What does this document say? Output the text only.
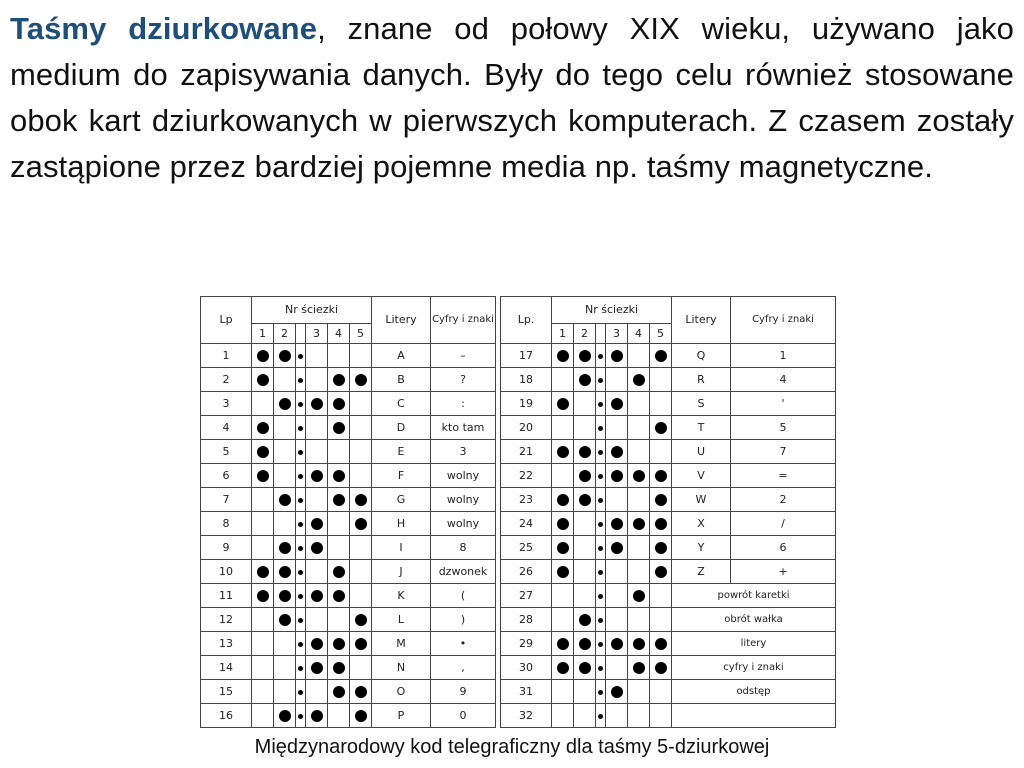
Taśmy dziurkowane, znane od połowy XIX wieku, używano jako medium do zapisywania danych. Były do tego celu również stosowane obok kart dziurkowanych w pierwszych komputerach. Z czasem zostały zastąpione przez bardziej pojemne media np. taśmy magnetyczne.

Lp	Nr ściezki						Litery	Cyfry i znaki
	1	2		3	4	5		
1							A	–
2							B	?
3							C	:
4							D	kto tam
5							E	3
6							F	wolny
7							G	wolny
8							H	wolny
9							I	8
10							J	dzwonek
11							K	(
12							L	)
13							M	•
14							N	,
15							O	9
16							P	0
Lp.	Nr ściezki						Litery	Cyfry i znaki
	1	2		3	4	5		
17							Q	1
18							R	4
19							S	'
20							T	5
21							U	7
22							V	=
23							W	2
24							X	/
25							Y	6
26							Z	+
27							powrót karetki	
28							obrót wałka	
29							litery	
30							cyfry i znaki	
31							odstęp	
32								

Międzynarodowy kod telegraficzny dla taśmy 5-dziurkowej
